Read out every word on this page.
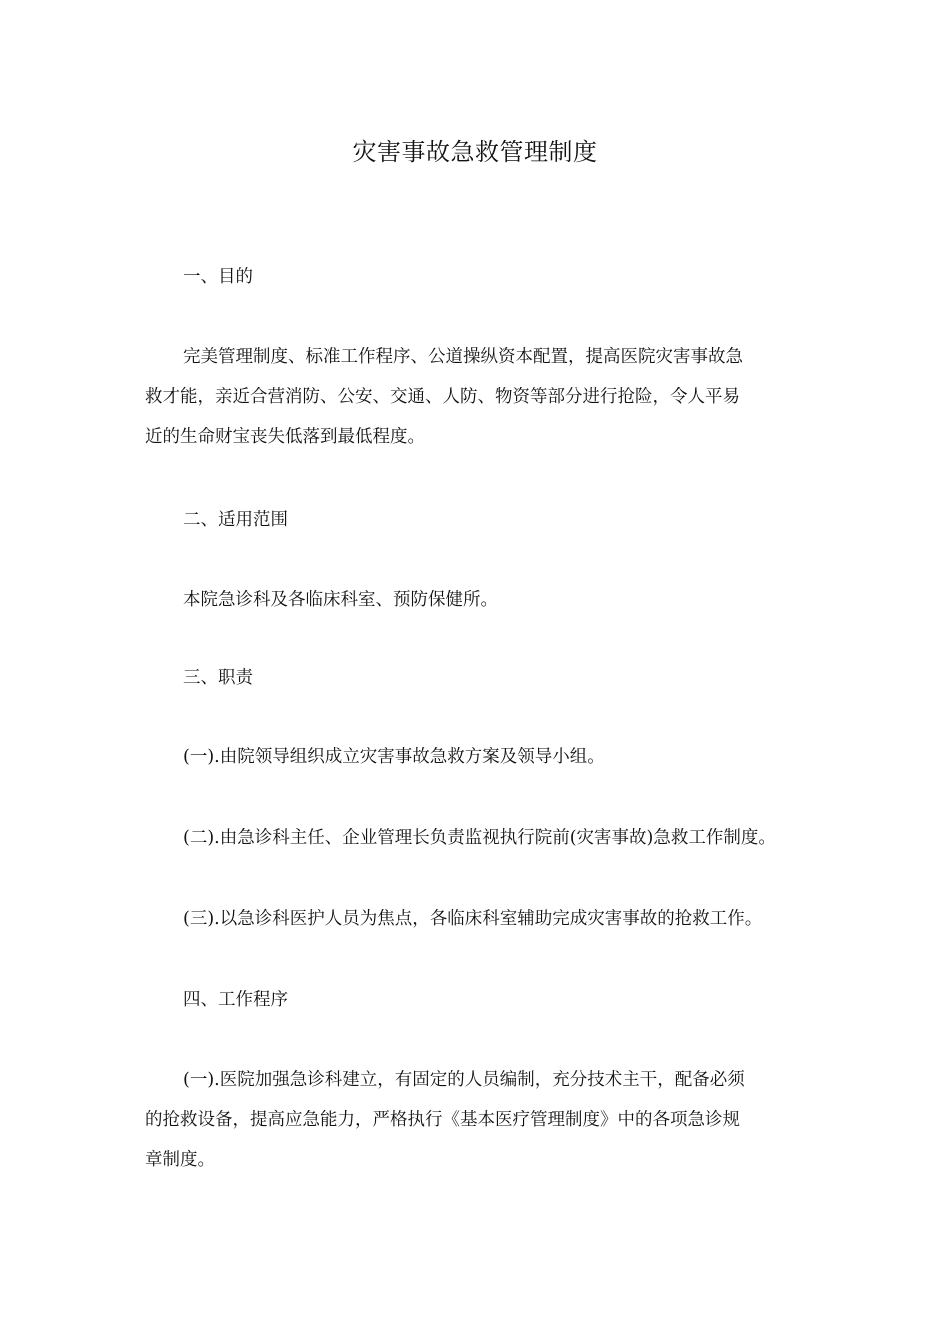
灾害事故急救管理制度
一、目的
完美管理制度、标准工作程序、公道操纵资本配置，提高医院灾害事故急
救才能，亲近合营消防、公安、交通、人防、物资等部分进行抢险，令人平易
近的生命财宝丧失低落到最低程度。
二、适用范围
本院急诊科及各临床科室、预防保健所。
三、职责
(一).由院领导组织成立灾害事故急救方案及领导小组。
(二).由急诊科主任、企业管理长负责监视执行院前(灾害事故)急救工作制度。
(三).以急诊科医护人员为焦点，各临床科室辅助完成灾害事故的抢救工作。
四、工作程序
(一).医院加强急诊科建立，有固定的人员编制，充分技术主干，配备必须
的抢救设备，提高应急能力，严格执行《基本医疗管理制度》中的各项急诊规
章制度。
